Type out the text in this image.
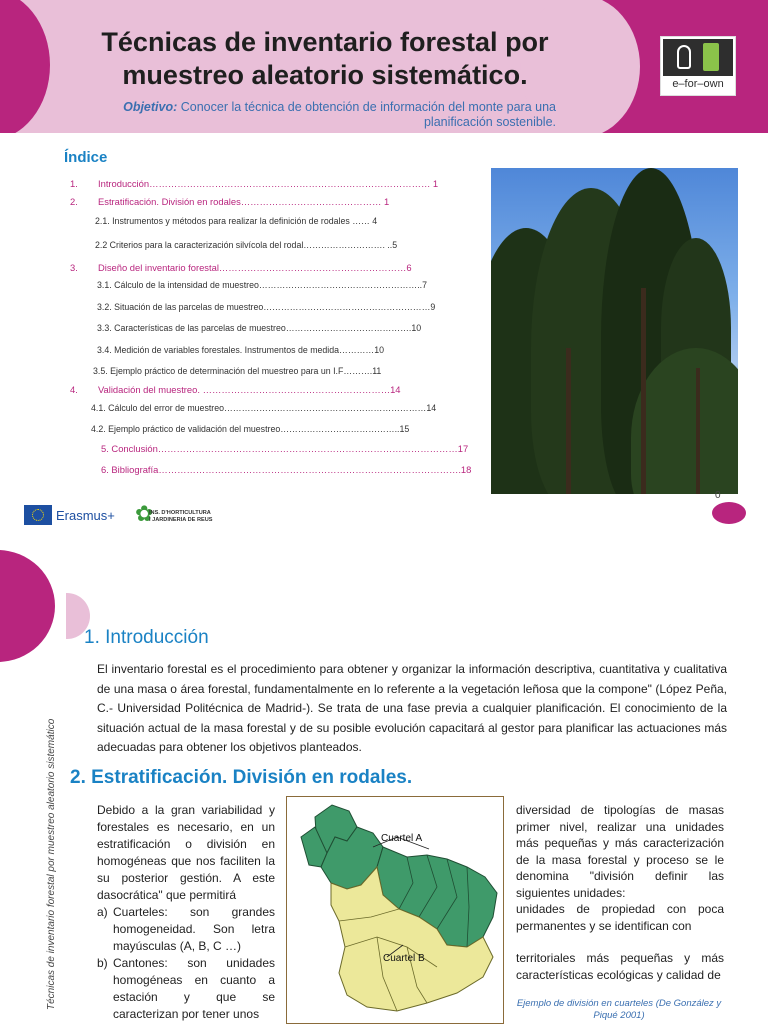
Técnicas de inventario forestal por muestreo aleatorio sistemático.

Objetivo: Conocer la técnica de obtención de información del monte para una planificación sostenible.

e–for–own
Índice
1. Introducción……………………………………………………………………………… 1
2. Estratificación. División en rodales……………………………………… 1
2.1. Instrumentos y métodos para realizar la definición de rodales …… 4
2.2 Criterios para la caracterización silvícola del rodal………………………. ..5
3. Diseño del inventario forestal……………………………………………………6
3.1. Cálculo de la intensidad de muestreo………………………………………………..7
3.2. Situación de las parcelas de muestreo…………………………………………………9
3.3. Características de las parcelas de muestreo…………………………………….10
3.4. Medición de variables forestales. Instrumentos de medida…………10
3.5. Ejemplo práctico de determinación del muestreo para un I.F……….11
4. Validación del muestreo. ……………………………………………………14
4.1. Cálculo del error de muestreo……………………………………………………………14
4.2. Ejemplo práctico de validación del muestreo…………………………………..15
5. Conclusión……………………………………………………………………………………17
6. Bibliografía…………………………………………………………………………………….18
0
Erasmus+ ✿
INS. D'HORTICULTURA
I JARDINERIA DE REUS
Técnicas de inventario forestal por muestreo aleatorio sistemático
1. Introducción

El inventario forestal es el procedimiento para obtener y organizar la información descriptiva, cuantitativa y cualitativa de una masa o área forestal, fundamentalmente en lo referente a la vegetación leñosa que la compone" (López Peña, C.- Universidad Politécnica de Madrid-). Se trata de una fase previa a cualquier planificación. El conocimiento de la situación actual de la masa forestal y de su posible evolución capacitará al gestor para planificar las actuaciones más adecuadas para obtener los objetivos planteados.

2. Estratificación. División en rodales.

Debido a la gran variabilidad y forestales es necesario, en un estratificación o división en homogéneas que nos faciliten la su posterior gestión. A este dasocrática" que permitirá

a) Cuarteles: son grandes homogeneidad. Son letra mayúsculas (A, B, C …)
b) Cantones: son unidades homogéneas en cuanto a estación y que se caracterizan por tener unos
Cuartel A
Cuartel B

diversidad de tipologías de masas primer nivel, realizar una unidades más pequeñas y más caracterización de la masa forestal y proceso se le denomina "división definir las siguientes unidades:

unidades de propiedad con poca permanentes y se identifican con

territoriales más pequeñas y más características ecológicas y calidad de

Ejemplo de división en cuarteles (De González y Piqué 2001)
